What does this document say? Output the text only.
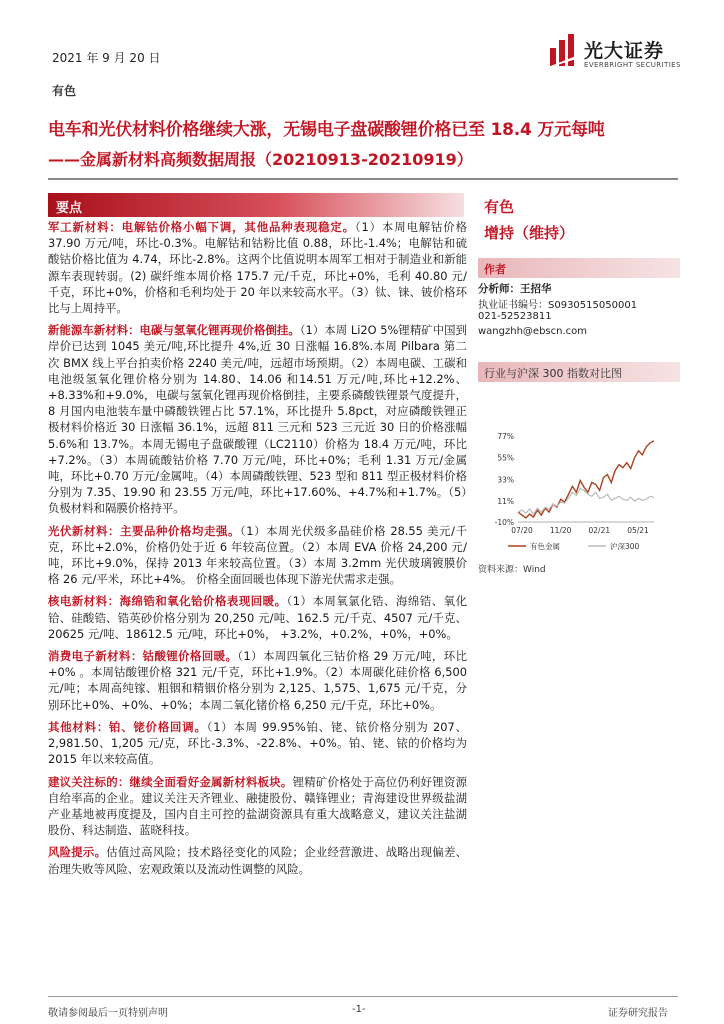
2021 年 9 月 20 日	光大证券
EVERBRIGHT SECURITIES
有色
电车和光伏材料价格继续大涨，无锡电子盘碳酸锂价格已至 18.4 万元每吨
——金属新材料高频数据周报（20210913-20210919）
要点

军工新材料：电解钴价格小幅下调，其他品种表现稳定。（1）本周电解钴价格 37.90 万元/吨，环比-0.3%。电解钴和钴粉比值 0.88，环比-1.4%；电解钴和硫酸钴价格比值为 4.74，环比-2.8%。这两个比值说明本周军工相对于制造业和新能源车表现转弱。(2) 碳纤维本周价格 175.7 元/千克，环比+0%，毛利 40.80 元/千克，环比+0%，价格和毛利均处于 20 年以来较高水平。（3）钛、铼、铍价格环比与上周持平。

新能源车新材料：电碳与氢氧化锂再现价格倒挂。（1）本周 Li2O 5%锂精矿中国到岸价已达到 1045 美元/吨,环比提升 4%,近 30 日涨幅 16.8%.本周 Pilbara 第二次 BMX 线上平台拍卖价格 2240 美元/吨，远超市场预期。（2）本周电碳、工碳和电池级氢氧化锂价格分别为 14.80、14.06 和14.51 万元/吨,环比+12.2%、+8.33%和+9.0%，电碳与氢氧化锂再现价格倒挂，主要系磷酸铁锂景气度提升，8 月国内电池装车量中磷酸铁锂占比 57.1%，环比提升 5.8pct，对应磷酸铁锂正极材料价格近 30 日涨幅 36.1%，远超 811 三元和 523 三元近 30 日的价格涨幅 5.6%和 13.7%。本周无锡电子盘碳酸锂（LC2110）价格为 18.4 万元/吨，环比+7.2%。（3）本周硫酸钴价格 7.70 万元/吨，环比+0%；毛利 1.31 万元/金属吨，环比+0.70 万元/金属吨。（4）本周磷酸铁锂、523 型和 811 型正极材料价格分别为 7.35、19.90 和 23.55 万元/吨，环比+17.60%、+4.7%和+1.7%。（5）负极材料和隔膜价格持平。

光伏新材料：主要品种价格均走强。（1）本周光伏级多晶硅价格 28.55 美元/千克，环比+2.0%，价格仍处于近 6 年较高位置。（2）本周 EVA 价格 24,200 元/吨，环比+9.0%，保持 2013 年来较高位置。（3）本周 3.2mm 光伏玻璃镀膜价格 26 元/平米，环比+4%。 价格全面回暖也体现下游光伏需求走强。

核电新材料：海绵锆和氧化铪价格表现回暖。（1）本周氧氯化锆、海绵锆、氧化铪、硅酸锆、锆英砂价格分别为 20,250 元/吨、162.5 元/千克、4507 元/千克、20625 元/吨、18612.5 元/吨，环比+0%， +3.2%，+0.2%，+0%，+0%。

消费电子新材料：钴酸锂价格回暖。（1）本周四氧化三钴价格 29 万元/吨，环比+0% 。本周钴酸锂价格 321 元/千克，环比+1.9%。（2）本周碳化硅价格 6,500 元/吨；本周高纯镓、粗铟和精铟价格分别为 2,125、1,575、1,675 元/千克，分别环比+0%、+0%、+0%；本周二氧化锗价格 6,250 元/千克，环比+0%。

其他材料：铂、铑价格回调。（1）本周 99.95%铂、铑、铱价格分别为 207、2,981.50、1,205 元/克，环比-3.3%、-22.8%、+0%。铂、铑、铱的价格均为 2015 年以来较高值。

建议关注标的：继续全面看好金属新材料板块。锂精矿价格处于高位仍利好锂资源自给率高的企业。建议关注天齐锂业、融捷股份、赣锋锂业；青海建设世界级盐湖产业基地被再度提及，国内自主可控的盐湖资源具有重大战略意义，建议关注盐湖股份、科达制造、蓝晓科技。

风险提示。估值过高风险；技术路径变化的风险；企业经营激进、战略出现偏差、治理失败等风险、宏观政策以及流动性调整的风险。

有色
增持（维持）
作者
分析师：王招华
执业证书编号：S0930515050001
021-52523811
wangzhh@ebscn.com
行业与沪深 300 指数对比图
77%
55%
33%
11%
-10%
07/20 11/20 02/21 05/21
有色金属	沪深300
资料来源：Wind
敬请参阅最后一页特别声明	-1-	证券研究报告
